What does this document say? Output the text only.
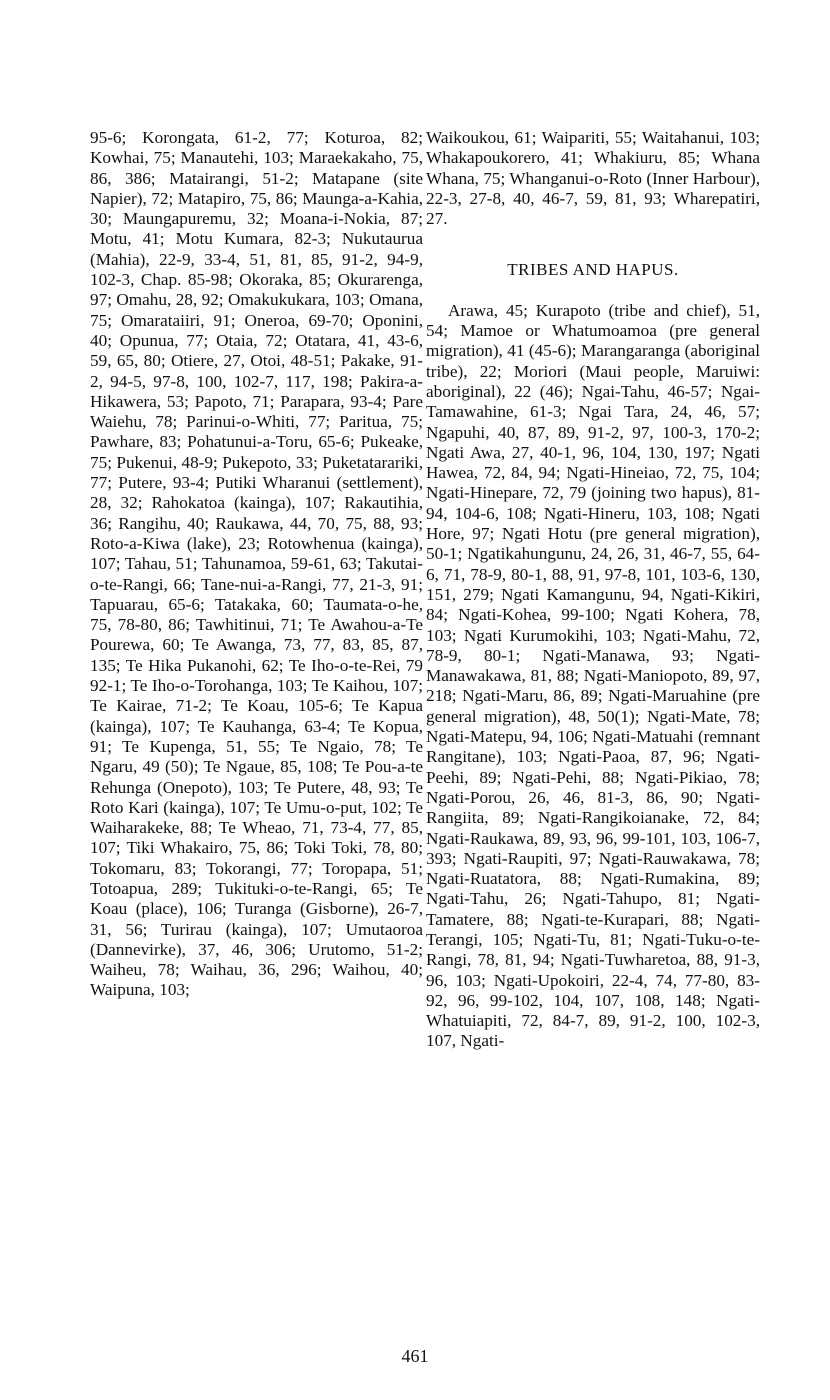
95-6; Korongata, 61-2, 77; Koturoa, 82; Kowhai, 75; Manautehi, 103; Maraekakaho, 75, 86, 386; Matairangi, 51-2; Matapane (site Napier), 72; Matapiro, 75, 86; Maunga-a-Kahia, 30; Maungapuremu, 32; Moana-i-Nokia, 87; Motu, 41; Motu Kumara, 82-3; Nukutaurua (Mahia), 22-9, 33-4, 51, 81, 85, 91-2, 94-9, 102-3, Chap. 85-98; Okoraka, 85; Okurarenga, 97; Omahu, 28, 92; Omakukukara, 103; Omana, 75; Omarataiiri, 91; Oneroa, 69-70; Oponini, 40; Opunua, 77; Otaia, 72; Otatara, 41, 43-6, 59, 65, 80; Otiere, 27, Otoi, 48-51; Pakake, 91-2, 94-5, 97-8, 100, 102-7, 117, 198; Pakira-a-Hikawera, 53; Papoto, 71; Parapara, 93-4; Pare Waiehu, 78; Parinui-o-Whiti, 77; Paritua, 75; Pawhare, 83; Pohatunui-a-Toru, 65-6; Pukeake, 75; Pukenui, 48-9; Pukepoto, 33; Puketatarariki, 77; Putere, 93-4; Putiki Wharanui (settlement), 28, 32; Rahokatoa (kainga), 107; Rakautihia, 36; Rangihu, 40; Raukawa, 44, 70, 75, 88, 93; Roto-a-Kiwa (lake), 23; Rotowhenua (kainga), 107; Tahau, 51; Tahunamoa, 59-61, 63; Takutai-o-te-Rangi, 66; Tane-nui-a-Rangi, 77, 21-3, 91; Tapuarau, 65-6; Tatakaka, 60; Taumata-o-he, 75, 78-80, 86; Tawhitinui, 71; Te Awahou-a-Te Pourewa, 60; Te Awanga, 73, 77, 83, 85, 87, 135; Te Hika Pukanohi, 62; Te Iho-o-te-Rei, 79 92-1; Te Iho-o-Torohanga, 103; Te Kaihou, 107; Te Kairae, 71-2; Te Koau, 105-6; Te Kapua (kainga), 107; Te Kauhanga, 63-4; Te Kopua, 91; Te Kupenga, 51, 55; Te Ngaio, 78; Te Ngaru, 49 (50); Te Ngaue, 85, 108; Te Pou-a-te Rehunga (Onepoto), 103; Te Putere, 48, 93; Te Roto Kari (kainga), 107; Te Umu-o-put, 102; Te Waiharakeke, 88; Te Wheao, 71, 73-4, 77, 85, 107; Tiki Whakairo, 75, 86; Toki Toki, 78, 80; Tokomaru, 83; Tokorangi, 77; Toropapa, 51; Totoapua, 289; Tukituki-o-te-Rangi, 65; Te Koau (place), 106; Turanga (Gisborne), 26-7, 31, 56; Turirau (kainga), 107; Umutaoroa (Dannevirke), 37, 46, 306; Urutomo, 51-2; Waiheu, 78; Waihau, 36, 296; Waihou, 40; Waipuna, 103;

Waikoukou, 61; Waipariti, 55; Waitahanui, 103; Whakapoukorero, 41; Whakiuru, 85; Whana Whana, 75; Whanganui-o-Roto (Inner Harbour), 22-3, 27-8, 40, 46-7, 59, 81, 93; Wharepatiri, 27.

TRIBES AND HAPUS.

Arawa, 45; Kurapoto (tribe and chief), 51, 54; Mamoe or Whatumoamoa (pre general migration), 41 (45-6); Marangaranga (aboriginal tribe), 22; Moriori (Maui people, Maruiwi: aboriginal), 22 (46); Ngai-Tahu, 46-57; Ngai-Tamawahine, 61-3; Ngai Tara, 24, 46, 57; Ngapuhi, 40, 87, 89, 91-2, 97, 100-3, 170-2; Ngati Awa, 27, 40-1, 96, 104, 130, 197; Ngati Hawea, 72, 84, 94; Ngati-Hineiao, 72, 75, 104; Ngati-Hinepare, 72, 79 (joining two hapus), 81-94, 104-6, 108; Ngati-Hineru, 103, 108; Ngati Hore, 97; Ngati Hotu (pre general migration), 50-1; Ngatikahungunu, 24, 26, 31, 46-7, 55, 64-6, 71, 78-9, 80-1, 88, 91, 97-8, 101, 103-6, 130, 151, 279; Ngati Kamangunu, 94, Ngati-Kikiri, 84; Ngati-Kohea, 99-100; Ngati Kohera, 78, 103; Ngati Kurumokihi, 103; Ngati-Mahu, 72, 78-9, 80-1; Ngati-Manawa, 93; Ngati-Manawakawa, 81, 88; Ngati-Maniopoto, 89, 97, 218; Ngati-Maru, 86, 89; Ngati-Maruahine (pre general migration), 48, 50(1); Ngati-Mate, 78; Ngati-Matepu, 94, 106; Ngati-Matuahi (remnant Rangitane), 103; Ngati-Paoa, 87, 96; Ngati-Peehi, 89; Ngati-Pehi, 88; Ngati-Pikiao, 78; Ngati-Porou, 26, 46, 81-3, 86, 90; Ngati-Rangiita, 89; Ngati-Rangikoianake, 72, 84; Ngati-Raukawa, 89, 93, 96, 99-101, 103, 106-7, 393; Ngati-Raupiti, 97; Ngati-Rauwakawa, 78; Ngati-Ruatatora, 88; Ngati-Rumakina, 89; Ngati-Tahu, 26; Ngati-Tahupo, 81; Ngati-Tamatere, 88; Ngati-te-Kurapari, 88; Ngati-Terangi, 105; Ngati-Tu, 81; Ngati-Tuku-o-te-Rangi, 78, 81, 94; Ngati-Tuwharetoa, 88, 91-3, 96, 103; Ngati-Upokoiri, 22-4, 74, 77-80, 83-92, 96, 99-102, 104, 107, 108, 148; Ngati-Whatuiapiti, 72, 84-7, 89, 91-2, 100, 102-3, 107, Ngati-

461
